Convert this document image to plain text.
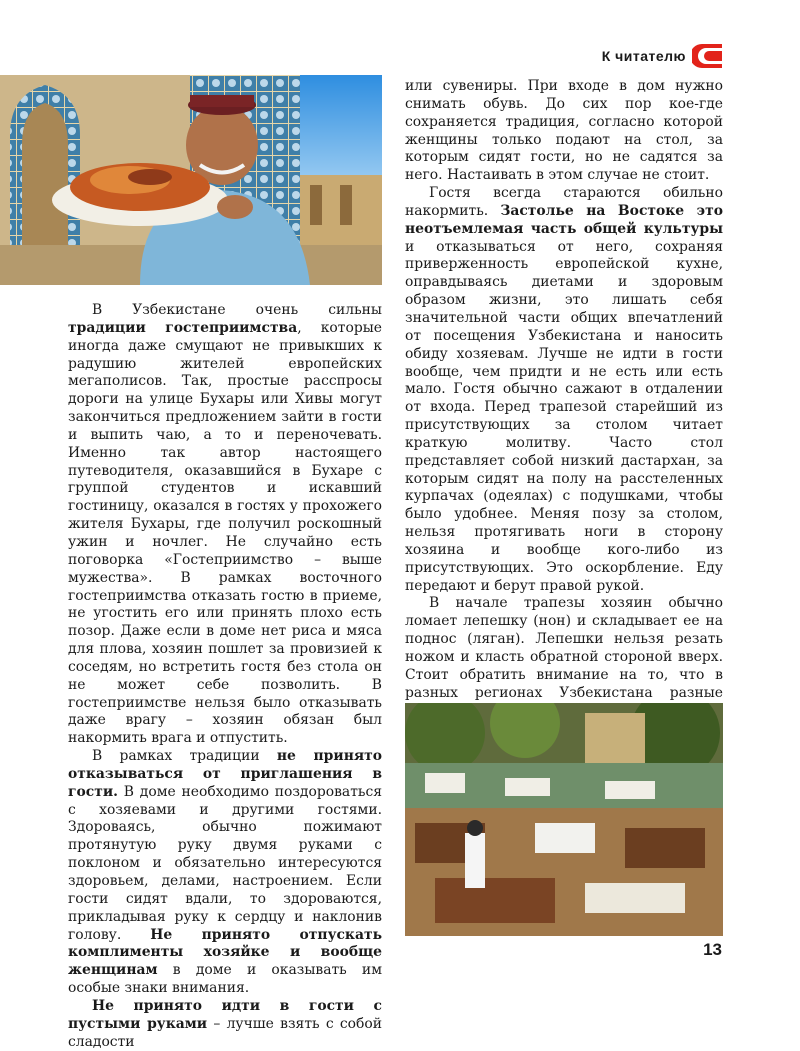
К читателю

В Узбекистане очень сильны традиции гостеприимства, которые иногда даже смущают не привыкших к радушию жителей европейских мегаполисов. Так, простые расспросы дороги на улице Бухары или Хивы могут закончиться предложением зайти в гости и выпить чаю, а то и переночевать. Именно так автор настоящего путеводителя, оказавшийся в Бухаре с группой студентов и искавший гостиницу, оказался в гостях у прохожего жителя Бухары, где получил роскошный ужин и ночлег. Не случайно есть поговорка «Гостеприимство – выше мужества». В рамках восточного гостеприимства отказать гостю в приеме, не угостить его или принять плохо есть позор. Даже если в доме нет риса и мяса для плова, хозяин пошлет за провизией к соседям, но встретить гостя без стола он не может себе позволить. В гостеприимстве нельзя было отказывать даже врагу – хозяин обязан был накормить врага и отпустить.

В рамках традиции не принято отказываться от приглашения в гости. В доме необходимо поздороваться с хозяевами и другими гостями. Здороваясь, обычно пожимают протянутую руку двумя руками с поклоном и обязательно интересуются здоровьем, делами, настроением. Если гости сидят вдали, то здороваются, прикладывая руку к сердцу и наклонив голову. Не принято отпускать комплименты хозяйке и вообще женщинам в доме и оказывать им особые знаки внимания.

Не принято идти в гости с пустыми руками – лучше взять с собой сладости

или сувениры. При входе в дом нужно снимать обувь. До сих пор кое-где сохраняется традиция, согласно которой женщины только подают на стол, за которым сидят гости, но не садятся за него. Настаивать в этом случае не стоит.

Гостя всегда стараются обильно накормить. Застолье на Востоке это неотъемлемая часть общей культуры и отказываться от него, сохраняя приверженность европейской кухне, оправдываясь диетами и здоровым образом жизни, это лишать себя значительной части общих впечатлений от посещения Узбекистана и наносить обиду хозяевам. Лучше не идти в гости вообще, чем придти и не есть или есть мало. Гостя обычно сажают в отдалении от входа. Перед трапезой старейший из присутствующих за столом читает краткую молитву. Часто стол представляет собой низкий дастархан, за которым сидят на полу на расстеленных курпачах (одеялах) с подушками, чтобы было удобнее. Меняя позу за столом, нельзя протягивать ноги в сторону хозяина и вообще кого-либо из присутствующих. Это оскорбление. Еду передают и берут правой рукой.

В начале трапезы хозяин обычно ломает лепешку (нон) и складывает ее на поднос (ляган). Лепешки нельзя резать ножом и класть обратной стороной вверх. Стоит обратить внимание на то, что в разных регионах Узбекистана разные

13
